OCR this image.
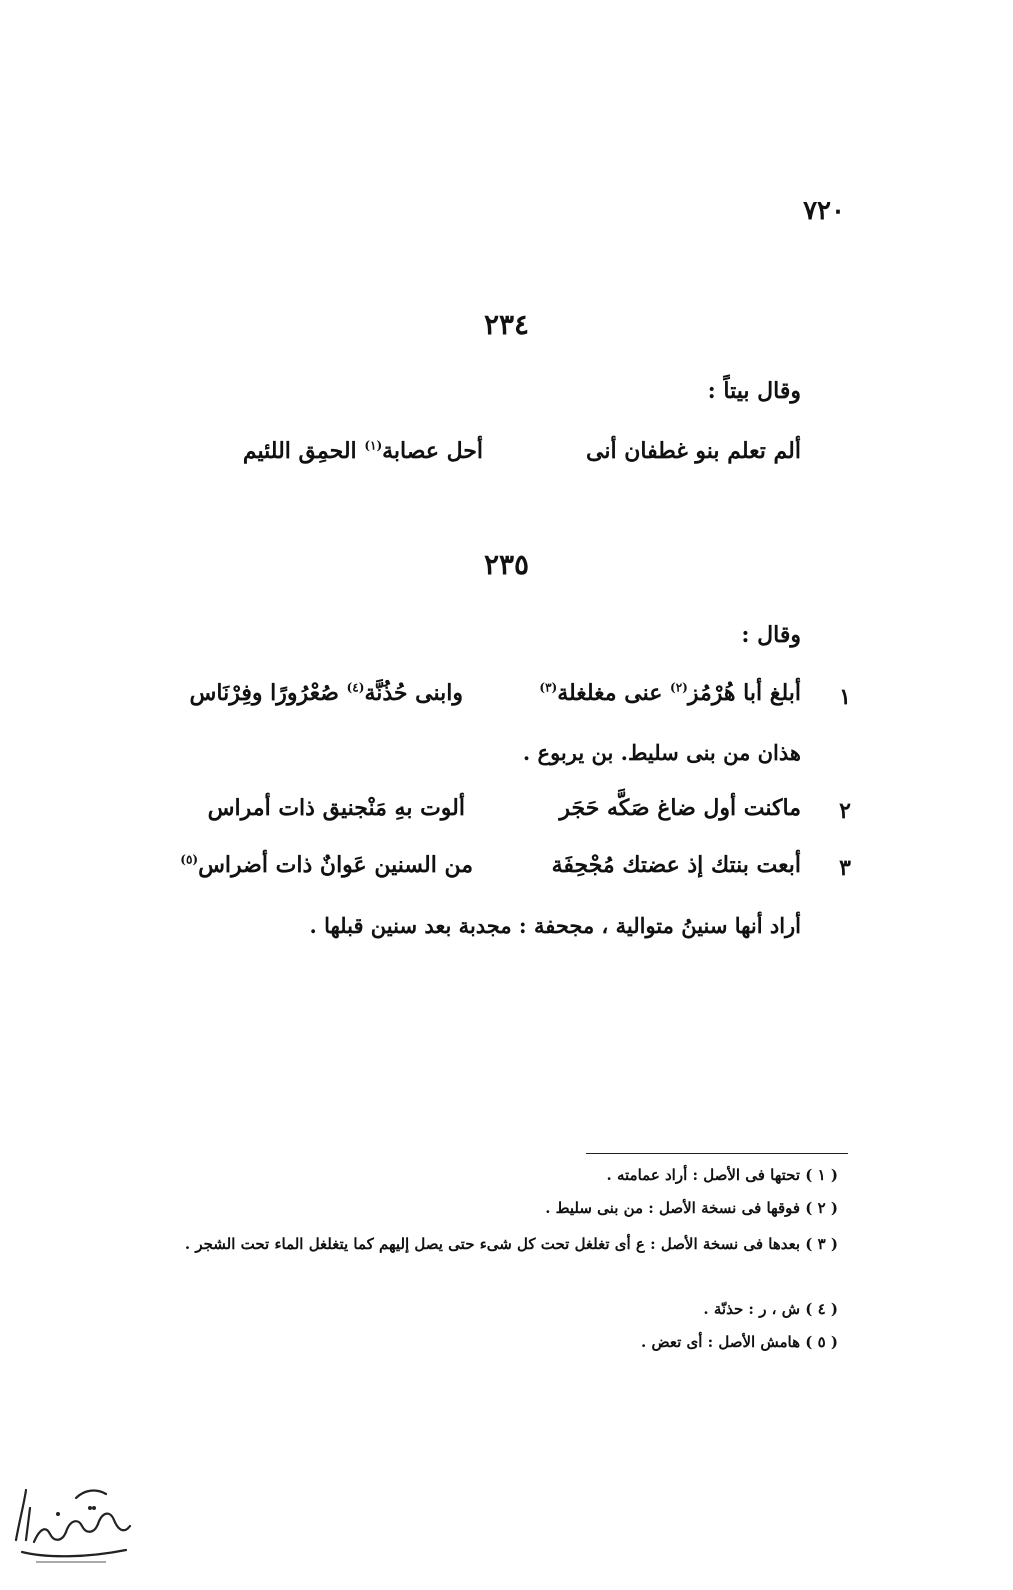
٧٢٠
٢٣٤
وقال بيتاً :
ألم تعلم بنو غطفان أنى
أحل عصابة$^{(١)}$ الحمِق اللئيم
٢٣٥
وقال :
١
أبلغ أبا هُرْمُز$^{(٢)}$ عنى مغلغلة$^{(٣)}$
وابنى حُذُنَّة$^{(٤)}$ صُعْرُورًا وفِرْنَاس
هذان من بنى سليط. بن يربوع .
٢
ماكنت أول ضاغ صَكَّه حَجَر
ألوت بهِ مَنْجنيق ذات أمراس
٣
أبعت بنتك إذ عضتك مُجْحِفَة
من السنين عَوانٌ ذات أضراس$^{(٥)}$
أراد أنها سنينُ متوالية ، مجحفة : مجدبة بعد سنين قبلها .
( ١ ) تحتها فى الأصل : أراد عمامته .
( ٢ ) فوقها فى نسخة الأصل : من بنى سليط .
( ٣ ) بعدها فى نسخة الأصل : ع أى تغلغل تحت كل شىء حتى يصل إليهم كما يتغلغل الماء تحت الشجر .
( ٤ ) ش ، ر : حذنّة .
( ٥ ) هامش الأصل : أى تعض .
